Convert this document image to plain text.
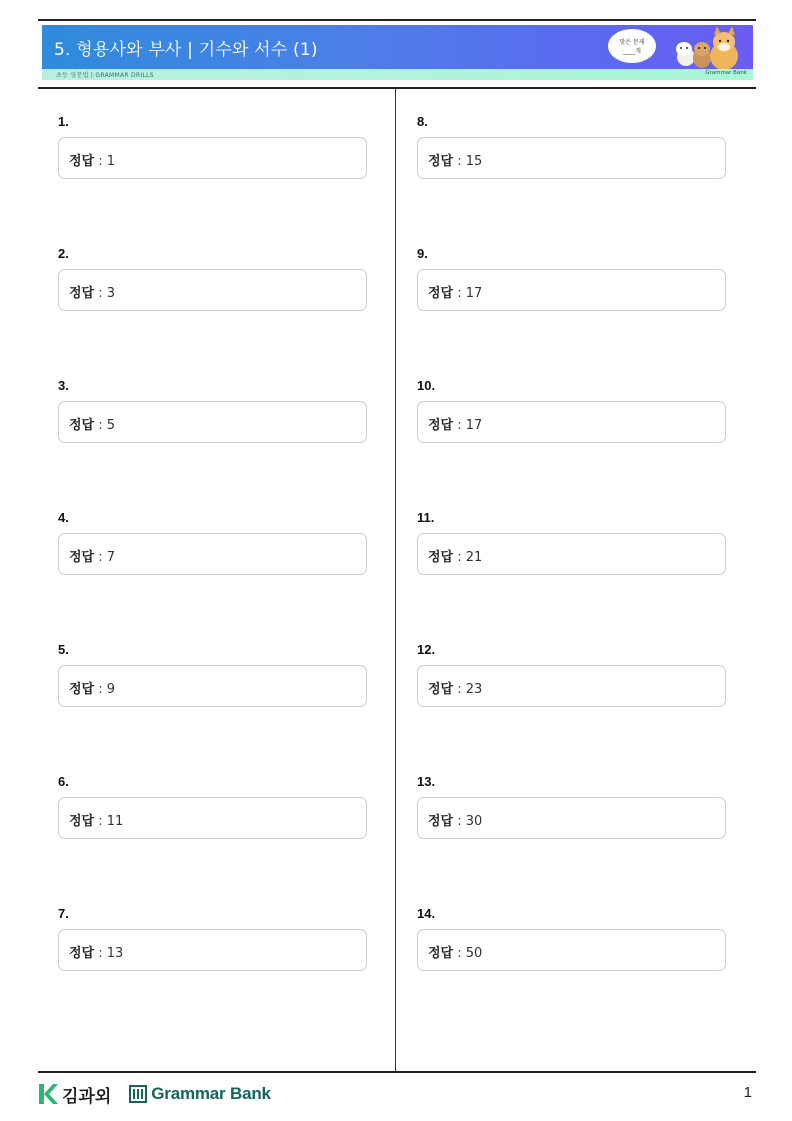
5. 형용사와 부사 | 기수와 서수 (1)	맞은 문제
____개
초등 영문법 | GRAMMAR DRILLS	Grammar Bank
1.
정답 : 1
2.
정답 : 3
3.
정답 : 5
4.
정답 : 7
5.
정답 : 9
6.
정답 : 11
7.
정답 : 13
8.
정답 : 15
9.
정답 : 17
10.
정답 : 17
11.
정답 : 21
12.
정답 : 23
13.
정답 : 30
14.
정답 : 50
김과외 Grammar Bank	1
